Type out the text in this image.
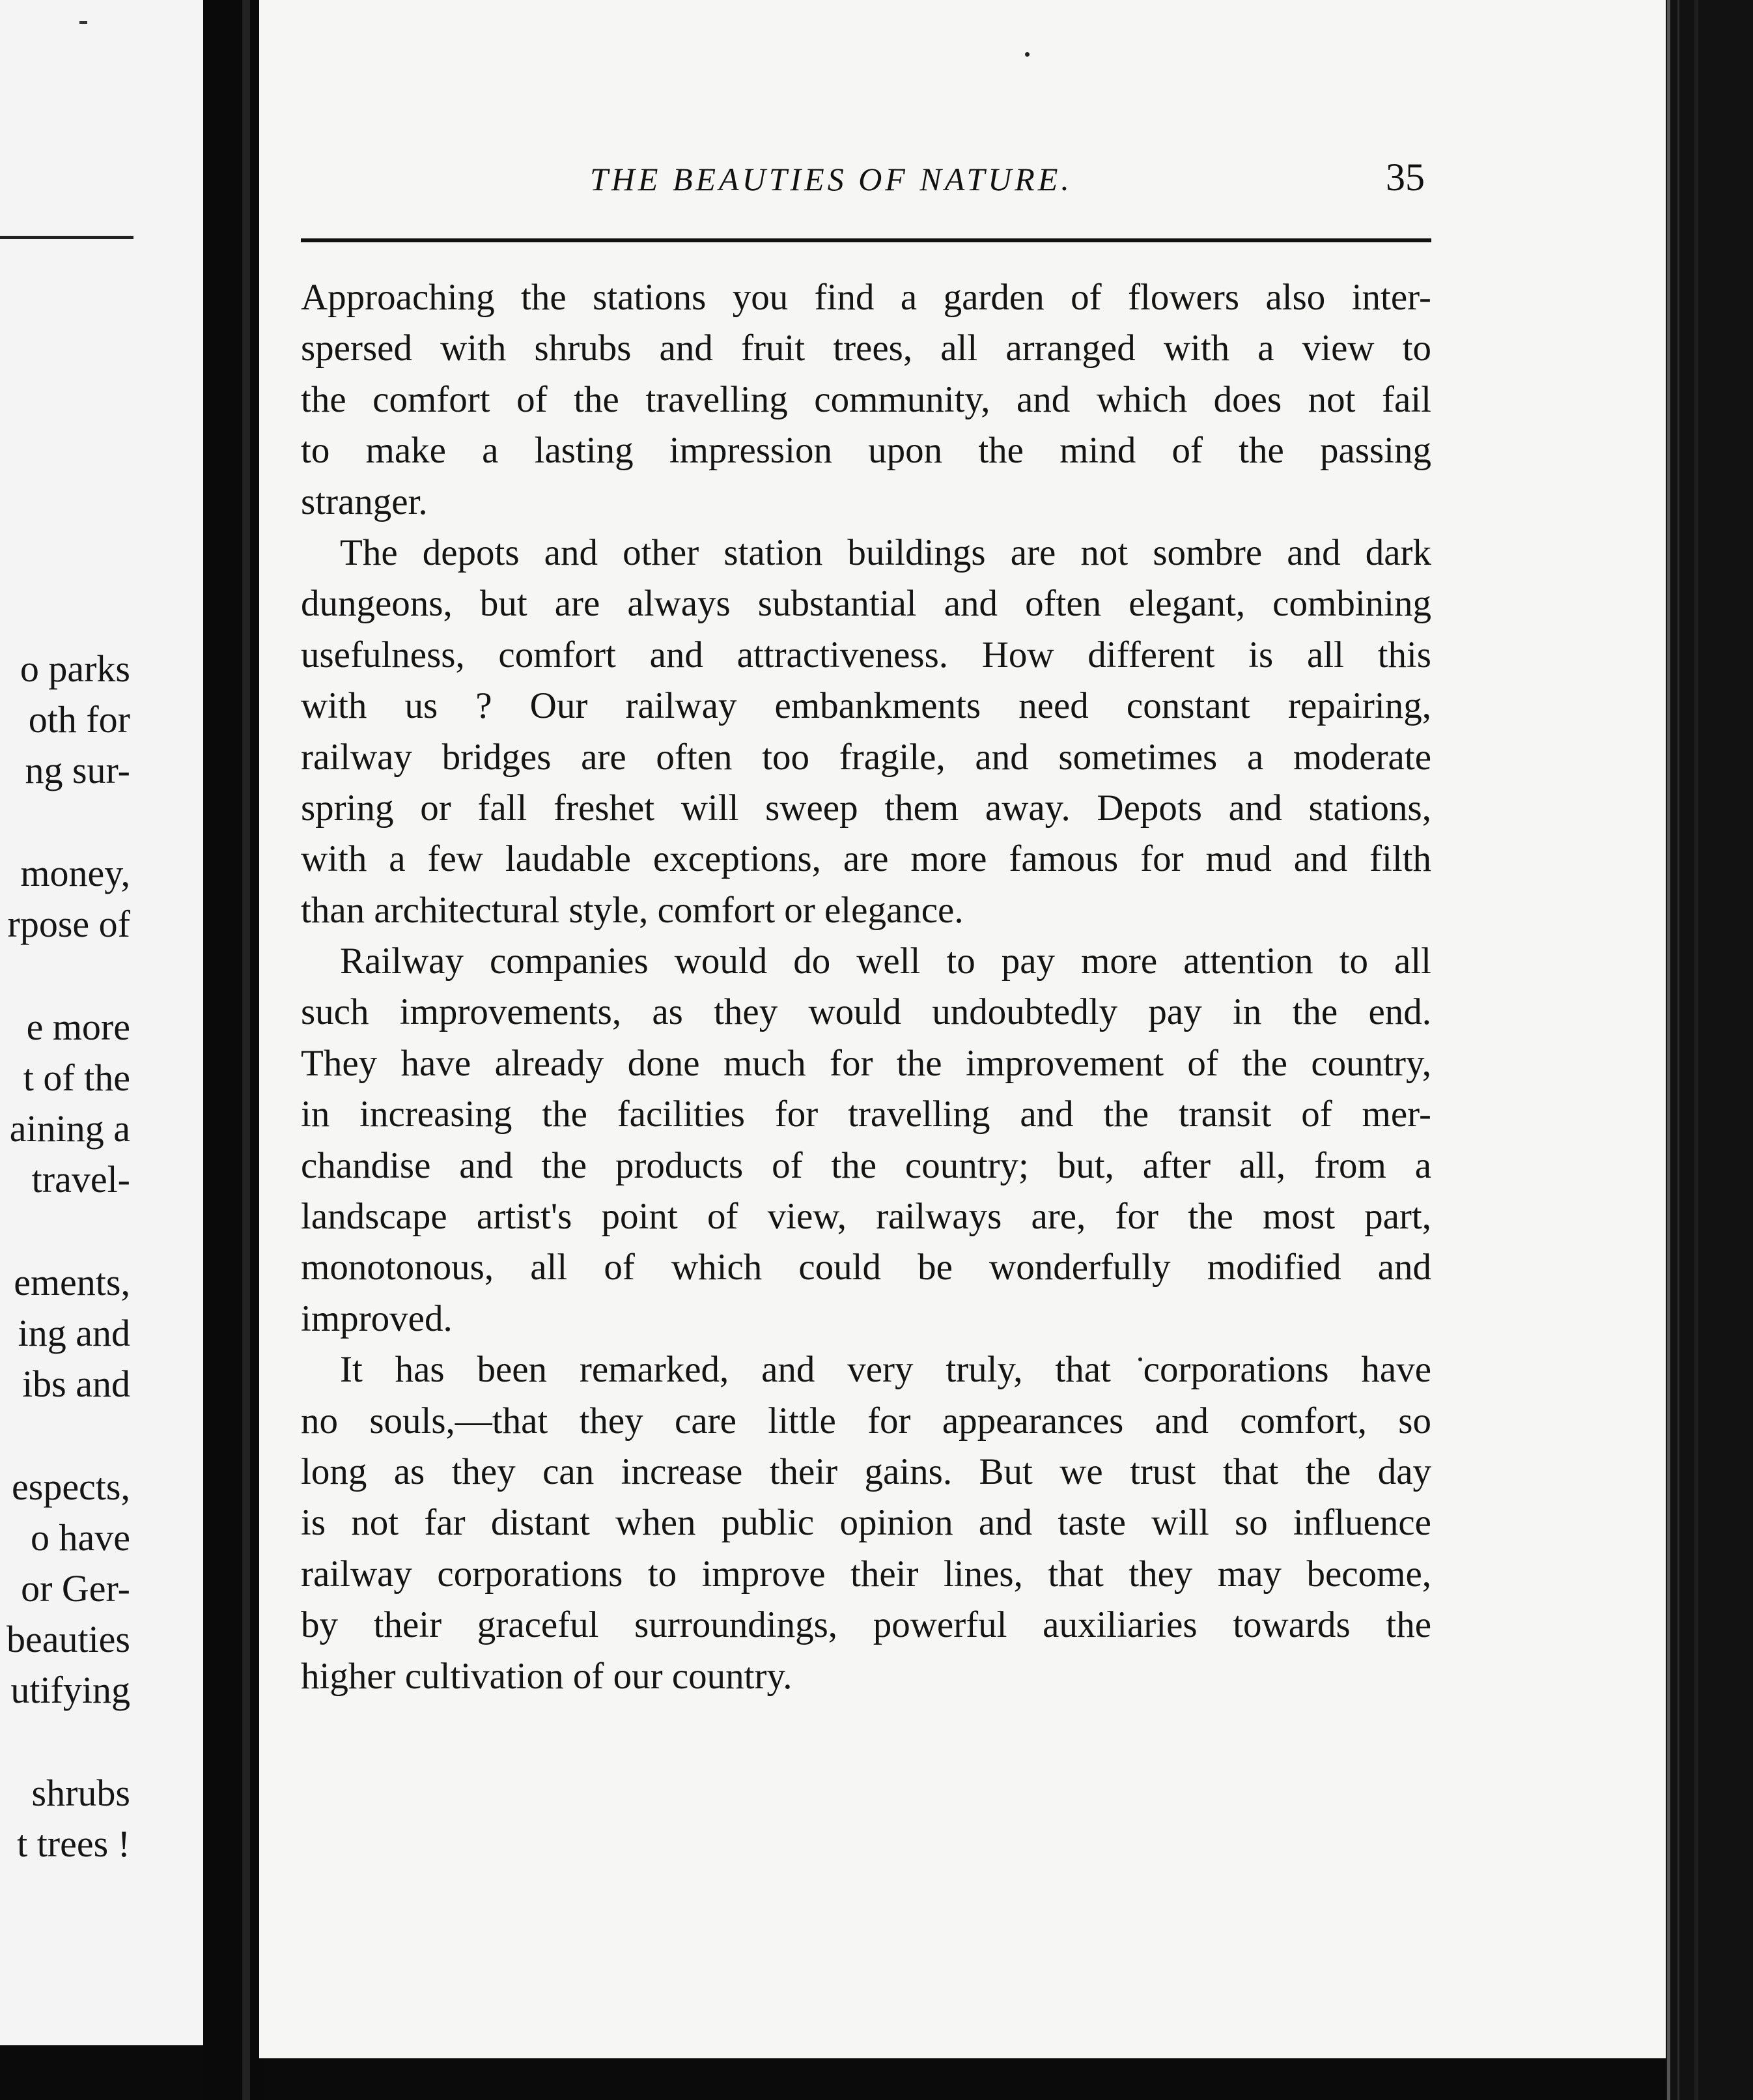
o parks
oth for
ng sur-
money,
rpose of
e more
t of the
aining a
travel-
ements,
ing and
ibs and
espects,
o have
or Ger-
beauties
utifying
shrubs
t trees !
THE BEAUTIES OF NATURE.	35
Approaching the stations you find a garden of flowers also inter-
spersed with shrubs and fruit trees, all arranged with a view to
the comfort of the travelling community, and which does not fail
to make a lasting impression upon the mind of the passing
stranger.
The depots and other station buildings are not sombre and dark
dungeons, but are always substantial and often elegant, combining
usefulness, comfort and attractiveness. How different is all this
with us ? Our railway embankments need constant repairing,
railway bridges are often too fragile, and sometimes a moderate
spring or fall freshet will sweep them away. Depots and stations,
with a few laudable exceptions, are more famous for mud and filth
than architectural style, comfort or elegance.
Railway companies would do well to pay more attention to all
such improvements, as they would undoubtedly pay in the end.
They have already done much for the improvement of the country,
in increasing the facilities for travelling and the transit of mer-
chandise and the products of the country; but, after all, from a
landscape artist's point of view, railways are, for the most part,
monotonous, all of which could be wonderfully modified and
improved.
It has been remarked, and very truly, that corporations have
no souls,—that they care little for appearances and comfort, so
long as they can increase their gains. But we trust that the day
is not far distant when public opinion and taste will so influence
railway corporations to improve their lines, that they may become,
by their graceful surroundings, powerful auxiliaries towards the
higher cultivation of our country.
